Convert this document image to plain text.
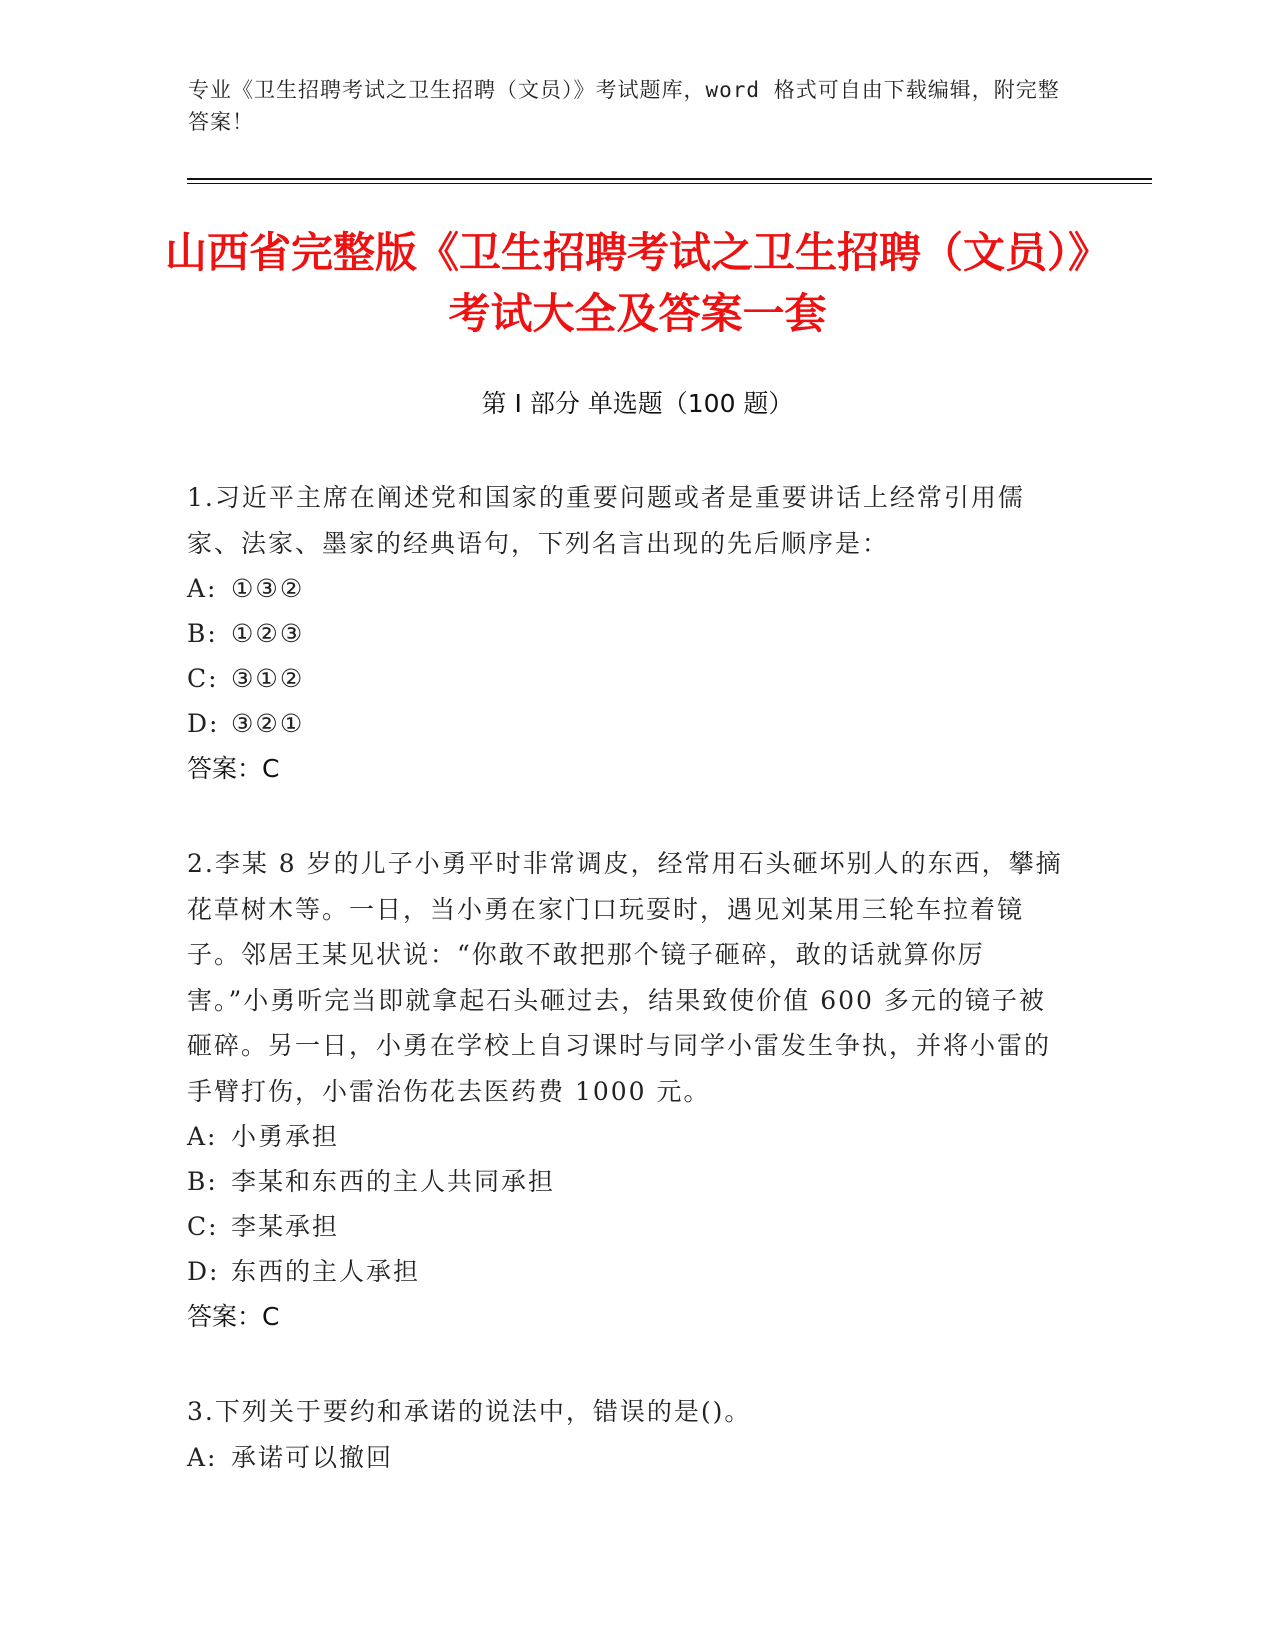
专业《卫生招聘考试之卫生招聘（文员）》考试题库，word 格式可自由下载编辑，附完整答案！
山西省完整版《卫生招聘考试之卫生招聘（文员）》考试大全及答案一套
第 I 部分 单选题（100 题）
1.习近平主席在阐述党和国家的重要问题或者是重要讲话上经常引用儒家、法家、墨家的经典语句，下列名言出现的先后顺序是：
A: ①③②
B: ①②③
C: ③①②
D: ③②①
答案：C
2.李某 8 岁的儿子小勇平时非常调皮，经常用石头砸坏别人的东西，攀摘花草树木等。一日，当小勇在家门口玩耍时，遇见刘某用三轮车拉着镜子。邻居王某见状说：“你敢不敢把那个镜子砸碎，敢的话就算你厉害。”小勇听完当即就拿起石头砸过去，结果致使价值 600 多元的镜子被砸碎。另一日，小勇在学校上自习课时与同学小雷发生争执，并将小雷的手臂打伤，小雷治伤花去医药费 1000 元。
A: 小勇承担
B: 李某和东西的主人共同承担
C: 李某承担
D: 东西的主人承担
答案：C
3.下列关于要约和承诺的说法中，错误的是()。
A: 承诺可以撤回
